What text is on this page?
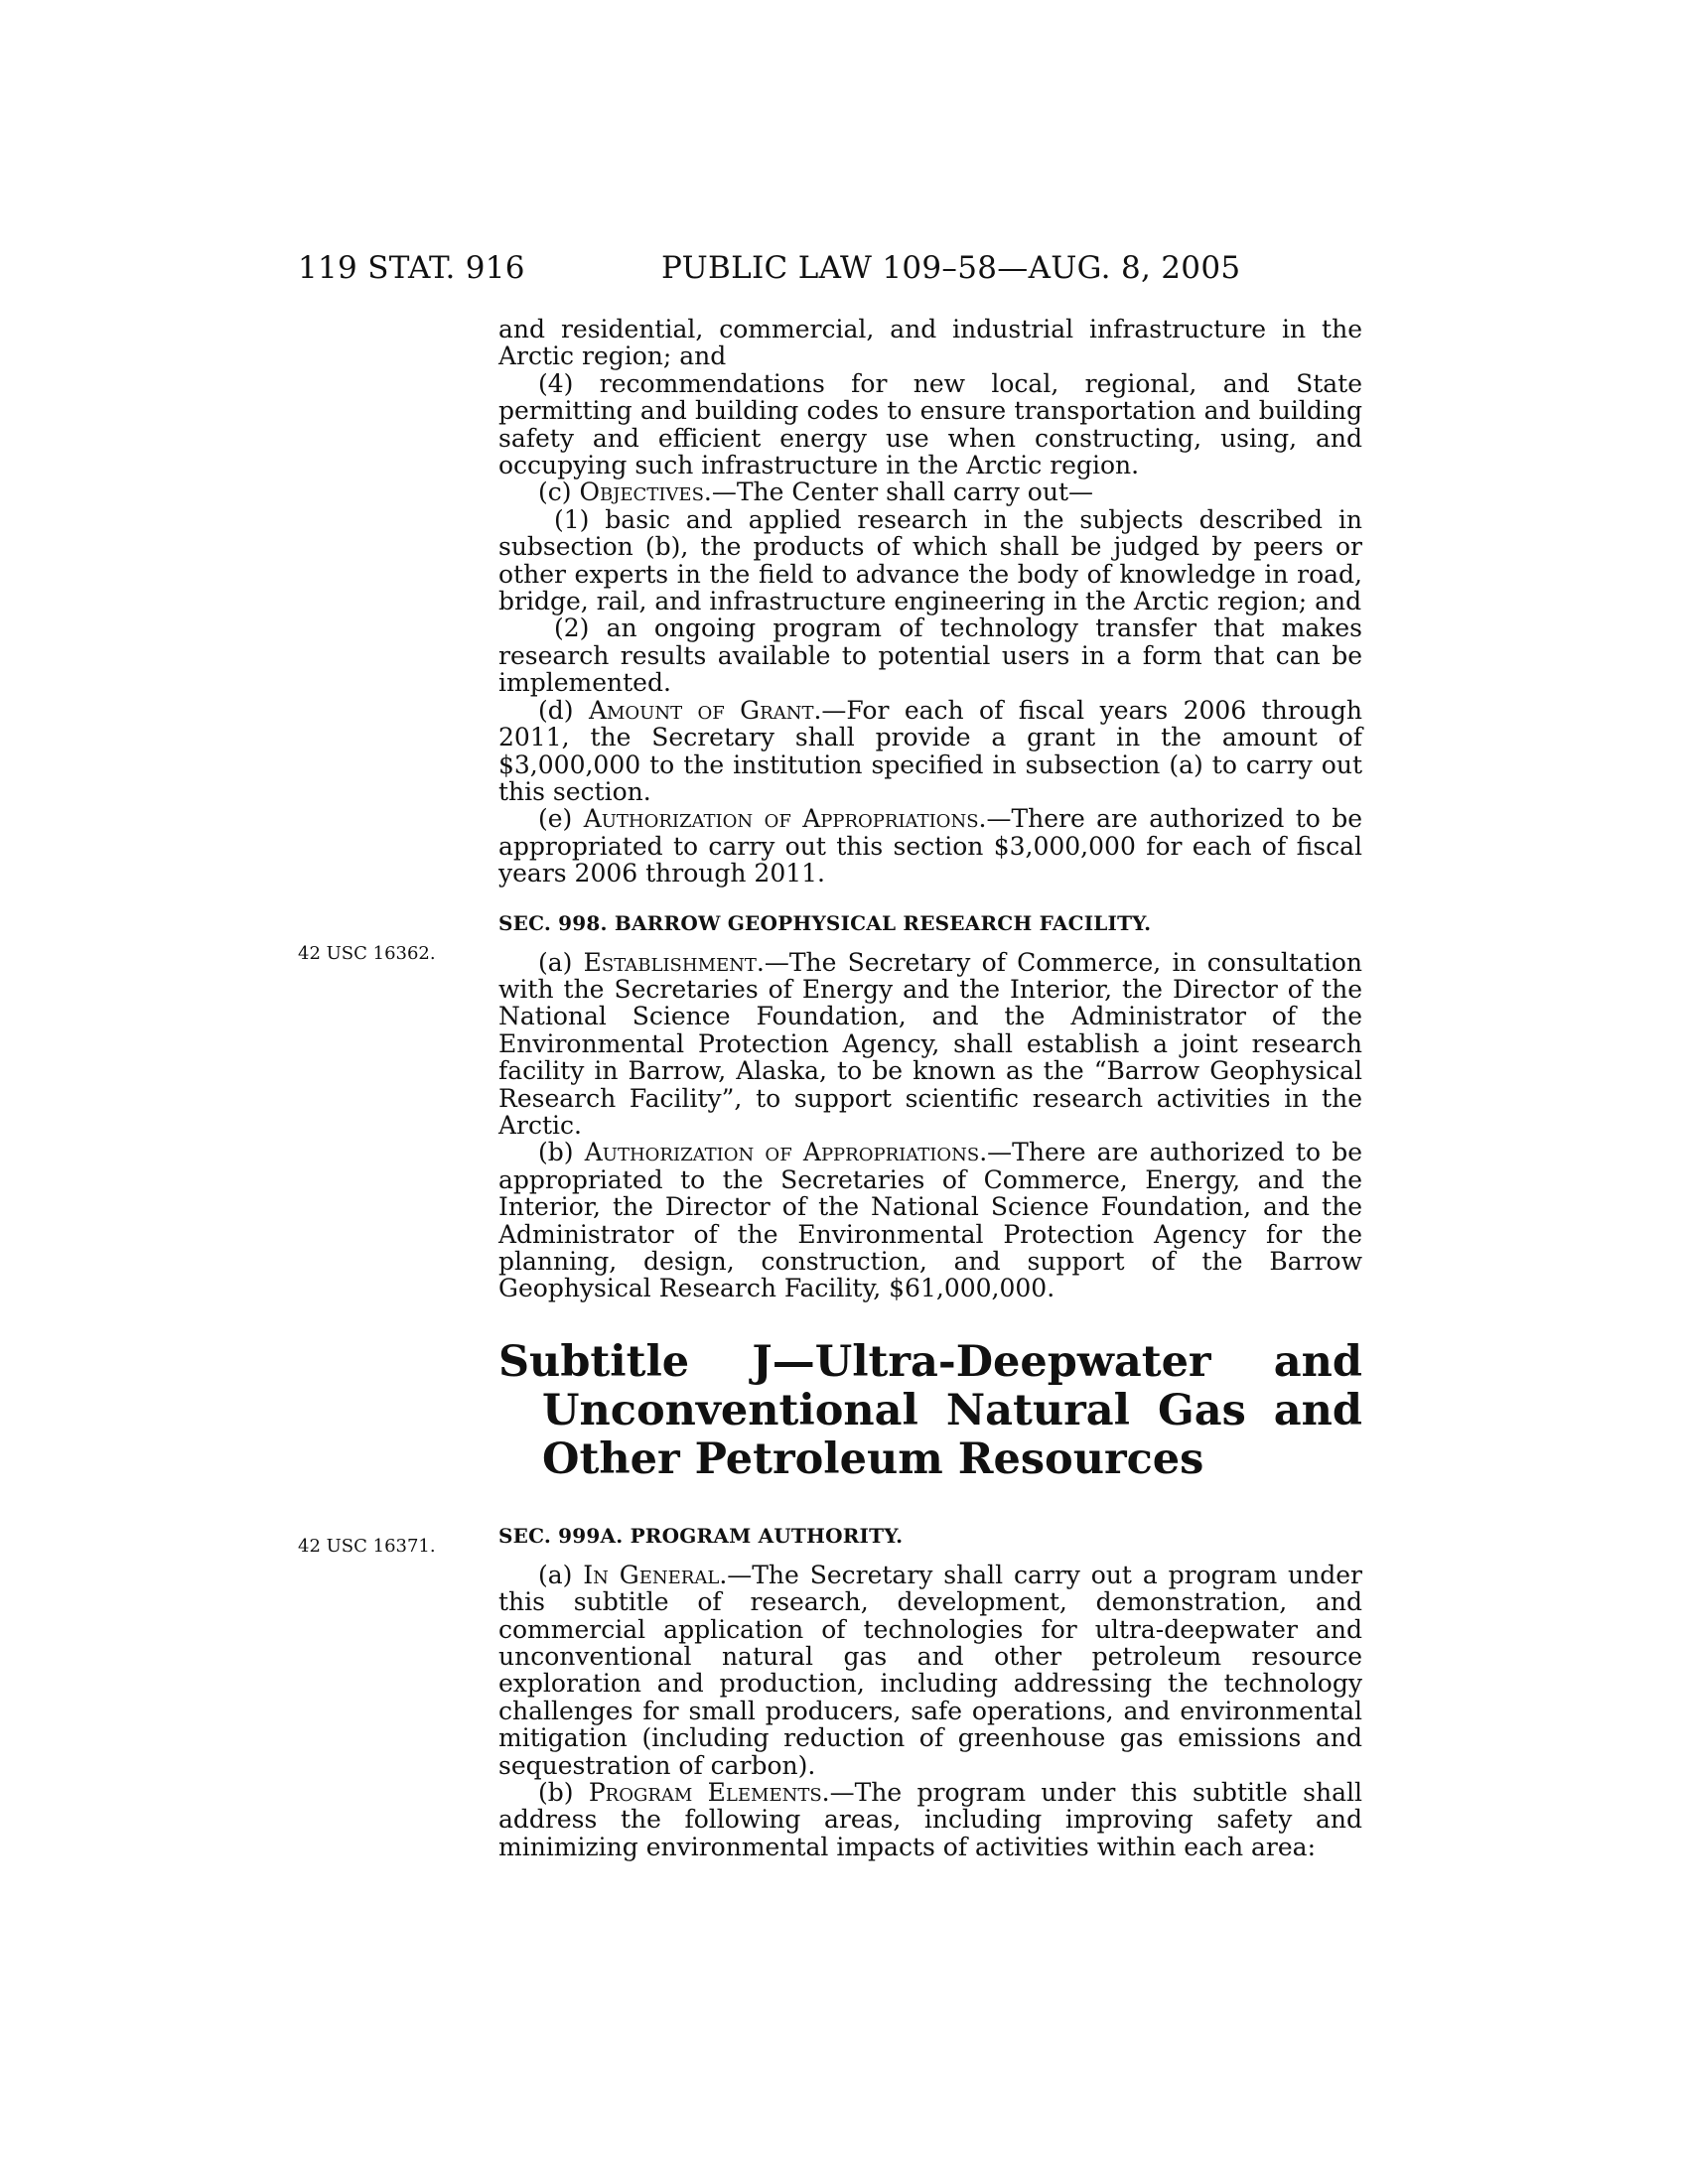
119 STAT. 916	PUBLIC LAW 109–58—AUG. 8, 2005
42 USC 16362.
42 USC 16371.

and residential, commercial, and industrial infrastructure in the Arctic region; and

(4) recommendations for new local, regional, and State permitting and building codes to ensure transportation and building safety and efficient energy use when constructing, using, and occupying such infrastructure in the Arctic region.

(c) Objectives.—The Center shall carry out—

(1) basic and applied research in the subjects described in subsection (b), the products of which shall be judged by peers or other experts in the field to advance the body of knowledge in road, bridge, rail, and infrastructure engineering in the Arctic region; and

(2) an ongoing program of technology transfer that makes research results available to potential users in a form that can be implemented.

(d) Amount of Grant.—For each of fiscal years 2006 through 2011, the Secretary shall provide a grant in the amount of $3,000,000 to the institution specified in subsection (a) to carry out this section.

(e) Authorization of Appropriations.—There are authorized to be appropriated to carry out this section $3,000,000 for each of fiscal years 2006 through 2011.

SEC. 998. BARROW GEOPHYSICAL RESEARCH FACILITY.

(a) Establishment.—The Secretary of Commerce, in consultation with the Secretaries of Energy and the Interior, the Director of the National Science Foundation, and the Administrator of the Environmental Protection Agency, shall establish a joint research facility in Barrow, Alaska, to be known as the “Barrow Geophysical Research Facility”, to support scientific research activities in the Arctic.

(b) Authorization of Appropriations.—There are authorized to be appropriated to the Secretaries of Commerce, Energy, and the Interior, the Director of the National Science Foundation, and the Administrator of the Environmental Protection Agency for the planning, design, construction, and support of the Barrow Geophysical Research Facility, $61,000,000.

Subtitle J—Ultra-Deepwater and Unconventional Natural Gas and Other Petroleum Resources

SEC. 999A. PROGRAM AUTHORITY.

(a) In General.—The Secretary shall carry out a program under this subtitle of research, development, demonstration, and commercial application of technologies for ultra-deepwater and unconventional natural gas and other petroleum resource exploration and production, including addressing the technology challenges for small producers, safe operations, and environmental mitigation (including reduction of greenhouse gas emissions and sequestration of carbon).

(b) Program Elements.—The program under this subtitle shall address the following areas, including improving safety and minimizing environmental impacts of activities within each area:
